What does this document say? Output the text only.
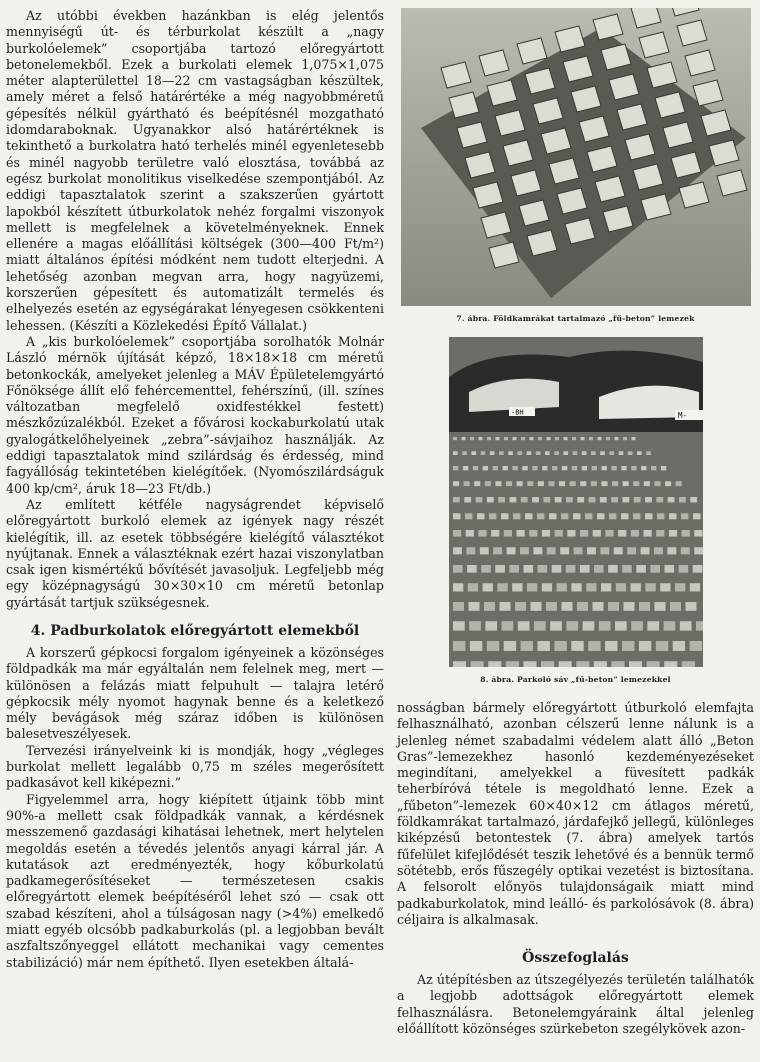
Az utóbbi években hazánkban is elég jelentős mennyiségű út- és térburkolat készült a „nagy burkolóelemek” csoportjába tartozó előregyártott betonelemekből. Ezek a burkolati elemek 1,075×1,075 méter alapterülettel 18—22 cm vastagságban készültek, amely méret a felső határértéke a még nagyobbméretű gépesítés nélkül gyártható és beépítésnél mozgatható idomdaraboknak. Ugyanakkor alsó határértéknek is tekinthető a burkolatra ható terhelés minél egyenletesebb és minél nagyobb területre való elosztása, továbbá az egész burkolat monolitikus viselkedése szempontjából. Az eddigi tapasztalatok szerint a szakszerűen gyártott lapokból készített útburkolatok nehéz forgalmi viszonyok mellett is megfelelnek a követelményeknek. Ennek ellenére a magas előállítási költségek (300—400 Ft/m²) miatt általános építési módként nem tudott elterjedni. A lehetőség azonban megvan arra, hogy nagyüzemi, korszerűen gépesített és automatizált termelés és elhelyezés esetén az egységárakat lényegesen csökkenteni lehessen. (Készíti a Közlekedési Építő Vállalat.)

A „kis burkolóelemek” csoportjába sorolhatók Molnár László mérnök újítását képző, 18×18×18 cm méretű betonkockák, amelyeket jelenleg a MÁV Épületelemgyártó Főnöksége állít elő fehércementtel, fehérszínű, (ill. színes változatban megfelelő oxidfestékkel festett) mészkőzúzalékból. Ezeket a fővárosi kockaburkolatú utak gyalogátkelőhelyeinek „zebra”-sávjaihoz használják. Az eddigi tapasztalatok mind szilárdság és érdesség, mind fagyállóság tekintetében kielégítőek. (Nyomószilárdságuk 400 kp/cm², áruk 18—23 Ft/db.)

Az említett kétféle nagyságrendet képviselő előregyártott burkoló elemek az igények nagy részét kielégítik, ill. az esetek többségére kielégítő választékot nyújtanak. Ennek a választéknak ezért hazai viszonylatban csak igen kismértékű bővítését javasoljuk. Legfeljebb még egy középnagyságú 30×30×10 cm méretű betonlap gyártását tartjuk szükségesnek.

4. Padburkolatok előregyártott elemekből

A korszerű gépkocsi forgalom igényeinek a közönséges földpadkák ma már egyáltalán nem felelnek meg, mert — különösen a felázás miatt felpuhult — talajra letérő gépkocsik mély nyomot hagynak benne és a keletkező mély bevágások még száraz időben is különösen balesetveszélyesek.

Tervezési irányelveink ki is mondják, hogy „végleges burkolat mellett legalább 0,75 m széles megerősített padkasávot kell kiképezni.”

Figyelemmel arra, hogy kiépített útjaink több mint 90%-a mellett csak földpadkák vannak, a kérdésnek messzemenő gazdasági kihatásai lehetnek, mert helytelen megoldás esetén a tévedés jelentős anyagi kárral jár. A kutatások azt eredményezték, hogy kőburkolatú padkamegerősítéseket — természetesen csakis előregyártott elemek beépítéséről lehet szó — csak ott szabad készíteni, ahol a túlságosan nagy (>4%) emelkedő miatt egyéb olcsóbb padkaburkolás (pl. a legjobban bevált aszfaltszőnyeggel ellátott mechanikai vagy cementes stabilizáció) már nem építhető. Ilyen esetekben általá-

7. ábra. Földkamrákat tartalmazó „fű-beton” lemezek
-BH	M-
8. ábra. Parkoló sáv „fű-beton” lemezekkel

nosságban bármely előregyártott útburkoló elemfajta felhasználható, azonban célszerű lenne nálunk is a jelenleg német szabadalmi védelem alatt álló „Beton Gras”-lemezekhez hasonló kezdeményezéseket megindítani, amelyekkel a füvesített padkák teherbíróvá tétele is megoldható lenne. Ezek a „fűbeton”-lemezek 60×40×12 cm átlagos méretű, földkamrákat tartalmazó, járdafejkő jellegű, különleges kiképzésű betontestek (7. ábra) amelyek tartós fűfelület kifejlődését teszik lehetővé és a bennük termő sötétebb, erős fűszegély optikai vezetést is biztosítana. A felsorolt előnyös tulajdonságaik miatt mind padkaburkolatok, mind leálló- és parkolósávok (8. ábra) céljaira is alkalmasak.

Összefoglalás

Az útépítésben az útszegélyezés területén találhatók a legjobb adottságok előregyártott elemek felhasználásra. Betonelemgyáraink által jelenleg előállított közönséges szürkebeton szegélykövek azon-
